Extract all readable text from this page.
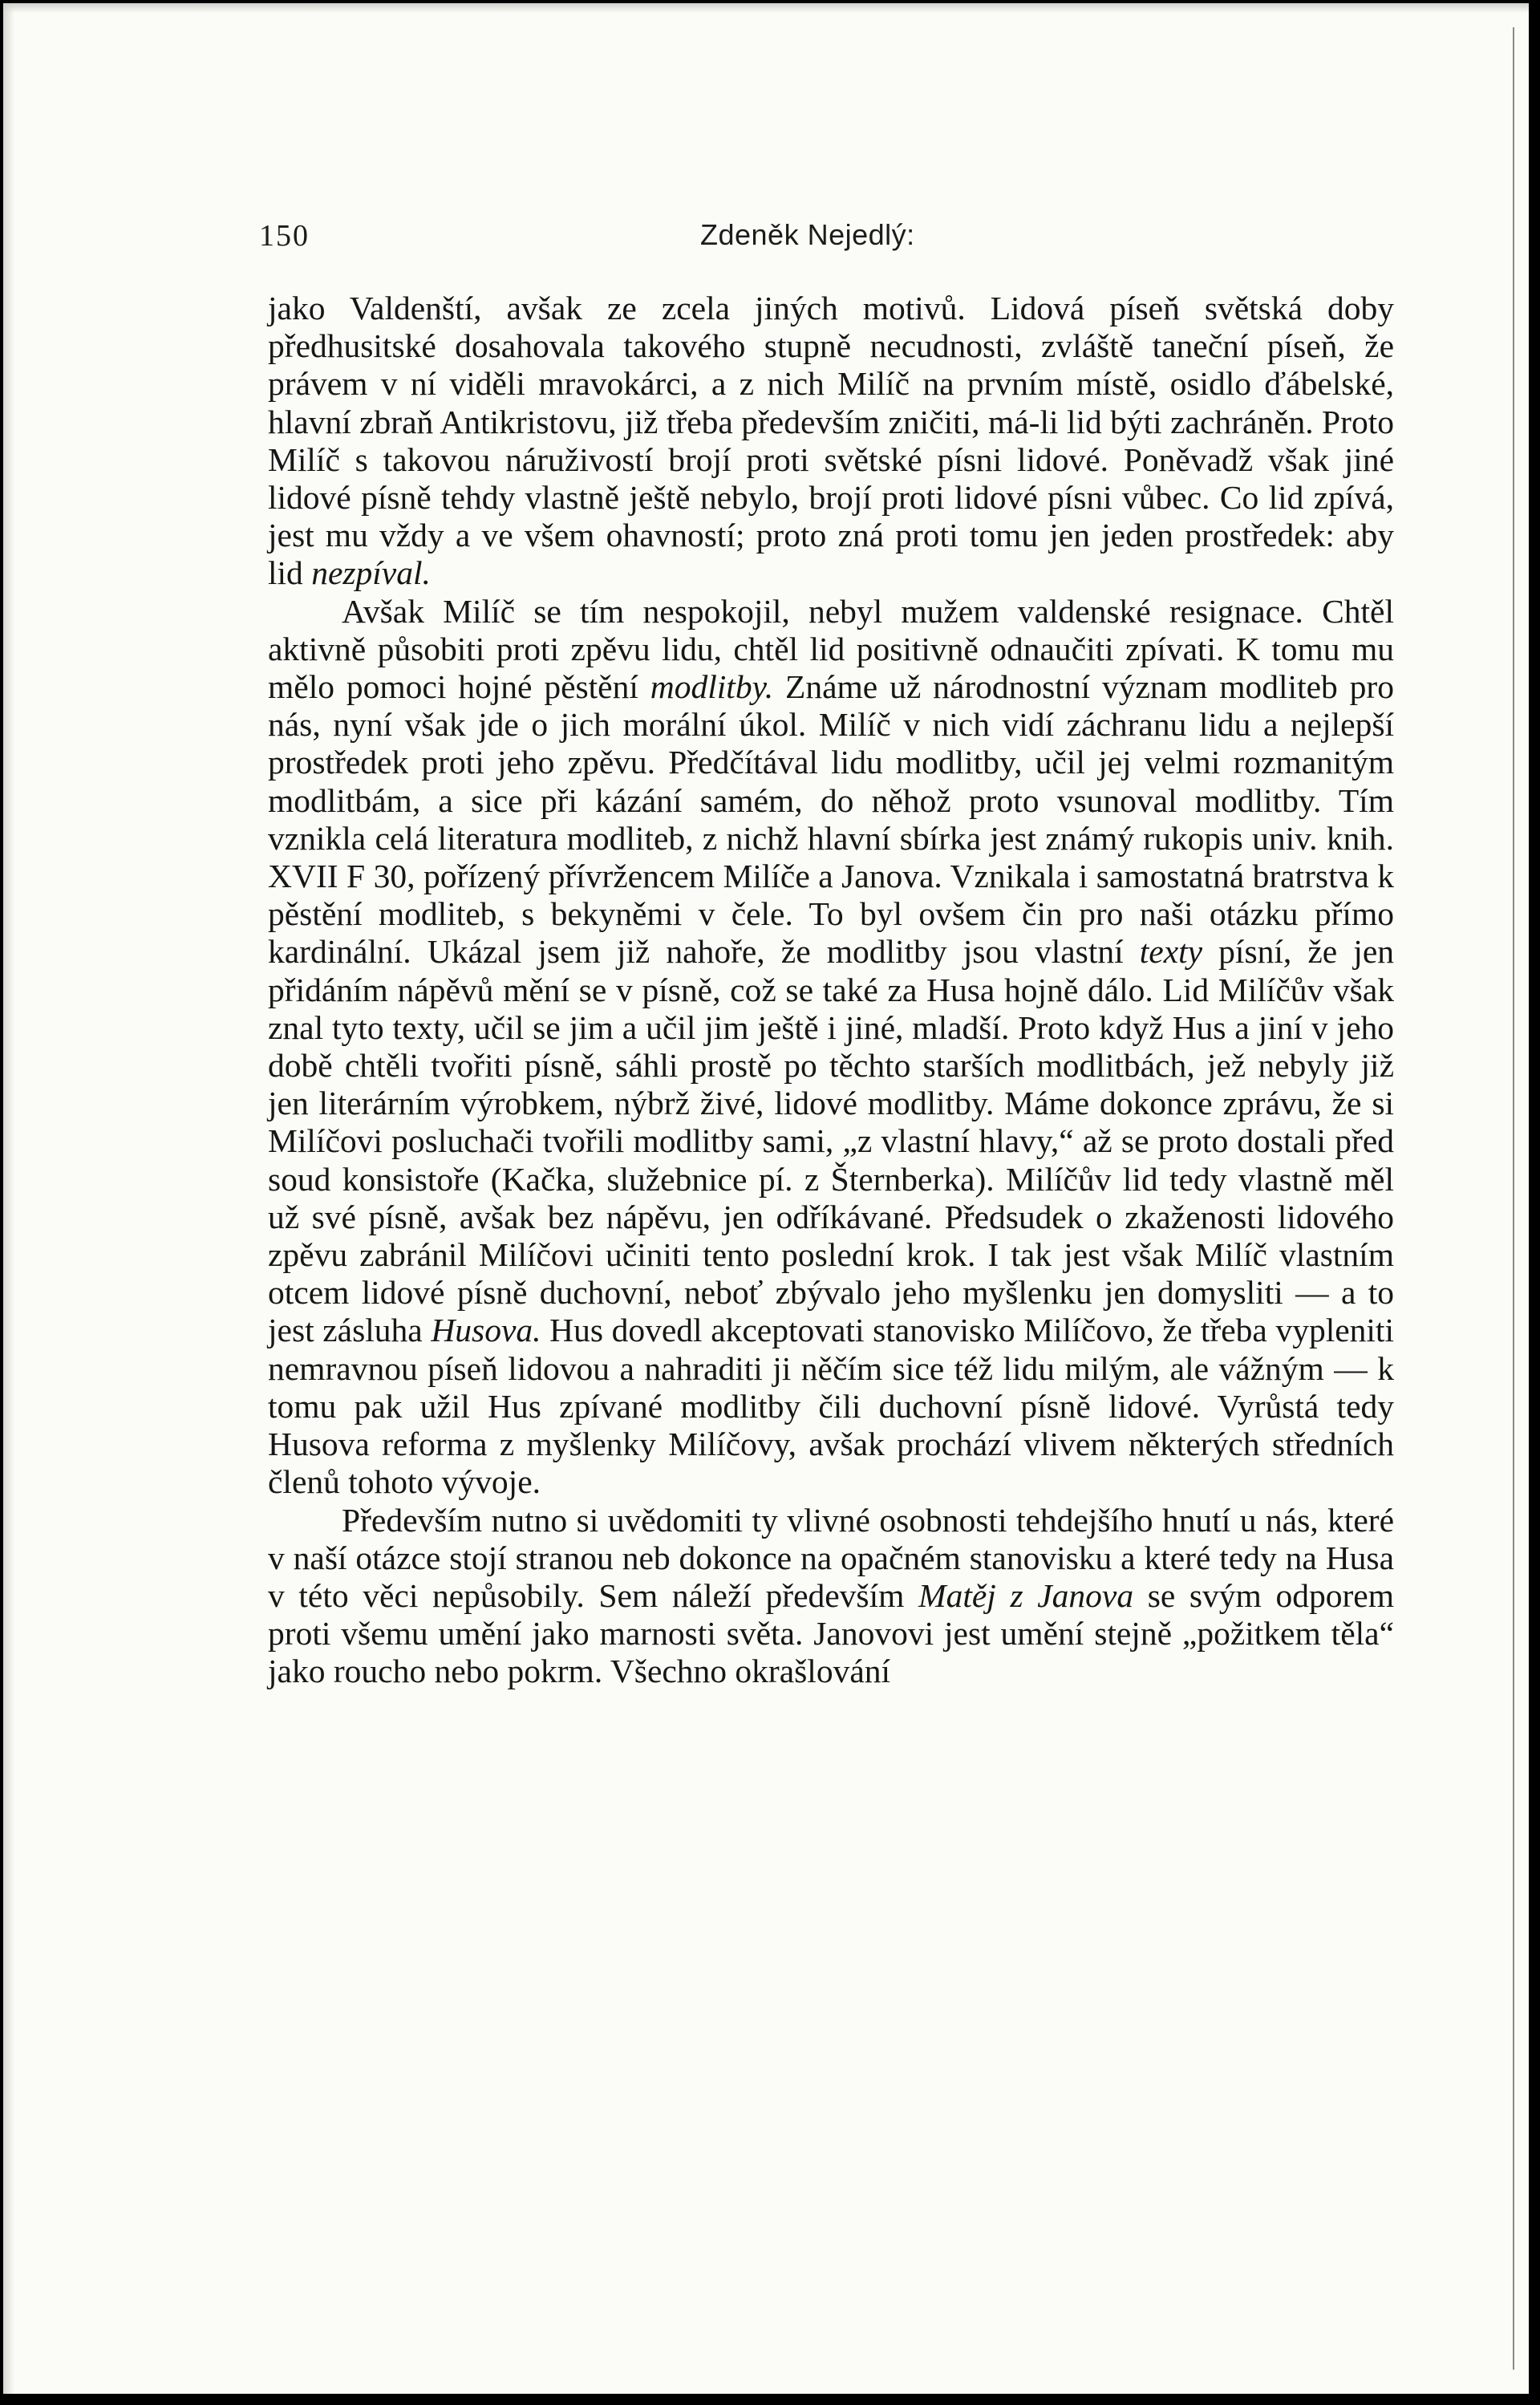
150	Zdeněk Nejedlý:

jako Valdenští, avšak ze zcela jiných motivů. Lidová píseň světská doby předhusitské dosahovala takového stupně necudnosti, zvláště taneční píseň, že právem v ní viděli mravokárci, a z nich Milíč na prvním místě, osidlo ďábelské, hlavní zbraň Antikristovu, již třeba především zničiti, má-li lid býti zachráněn. Proto Milíč s takovou náruživostí brojí proti světské písni lidové. Poněvadž však jiné lidové písně tehdy vlastně ještě nebylo, brojí proti lidové písni vůbec. Co lid zpívá, jest mu vždy a ve všem ohavností; proto zná proti tomu jen jeden prostředek: aby lid nezpíval.

Avšak Milíč se tím nespokojil, nebyl mužem valdenské resignace. Chtěl aktivně působiti proti zpěvu lidu, chtěl lid positivně odnaučiti zpívati. K tomu mu mělo pomoci hojné pěstění modlitby. Známe už národnostní význam modliteb pro nás, nyní však jde o jich morální úkol. Milíč v nich vidí záchranu lidu a nejlepší prostředek proti jeho zpěvu. Předčítával lidu modlitby, učil jej velmi rozmanitým modlitbám, a sice při kázání samém, do něhož proto vsunoval modlitby. Tím vznikla celá literatura modliteb, z nichž hlavní sbírka jest známý rukopis univ. knih. XVII F 30, pořízený přívržencem Milíče a Janova. Vznikala i samostatná bratrstva k pěstění modliteb, s bekyněmi v čele. To byl ovšem čin pro naši otázku přímo kardinální. Ukázal jsem již nahoře, že modlitby jsou vlastní texty písní, že jen přidáním nápěvů mění se v písně, což se také za Husa hojně dálo. Lid Milíčův však znal tyto texty, učil se jim a učil jim ještě i jiné, mladší. Proto když Hus a jiní v jeho době chtěli tvořiti písně, sáhli prostě po těchto starších modlitbách, jež nebyly již jen literárním výrobkem, nýbrž živé, lidové modlitby. Máme dokonce zprávu, že si Milíčovi posluchači tvořili modlitby sami, „z vlastní hlavy,“ až se proto dostali před soud konsistoře (Kačka, služebnice pí. z Šternberka). Milíčův lid tedy vlastně měl už své písně, avšak bez nápěvu, jen odříkávané. Předsudek o zkaženosti lidového zpěvu zabránil Milíčovi učiniti tento poslední krok. I tak jest však Milíč vlastním otcem lidové písně duchovní, neboť zbývalo jeho myšlenku jen domysliti — a to jest zásluha Husova. Hus dovedl akceptovati stanovisko Milíčovo, že třeba vypleniti nemravnou píseň lidovou a nahraditi ji něčím sice též lidu milým, ale vážným — k tomu pak užil Hus zpívané modlitby čili duchovní písně lidové. Vyrůstá tedy Husova reforma z myšlenky Milíčovy, avšak prochází vlivem některých středních členů tohoto vývoje.

Především nutno si uvědomiti ty vlivné osobnosti tehdejšího hnutí u nás, které v naší otázce stojí stranou neb dokonce na opačném stanovisku a které tedy na Husa v této věci nepůsobily. Sem náleží především Matěj z Janova se svým odporem proti všemu umění jako marnosti světa. Janovovi jest umění stejně „požitkem těla“ jako roucho nebo pokrm. Všechno okrašlování
